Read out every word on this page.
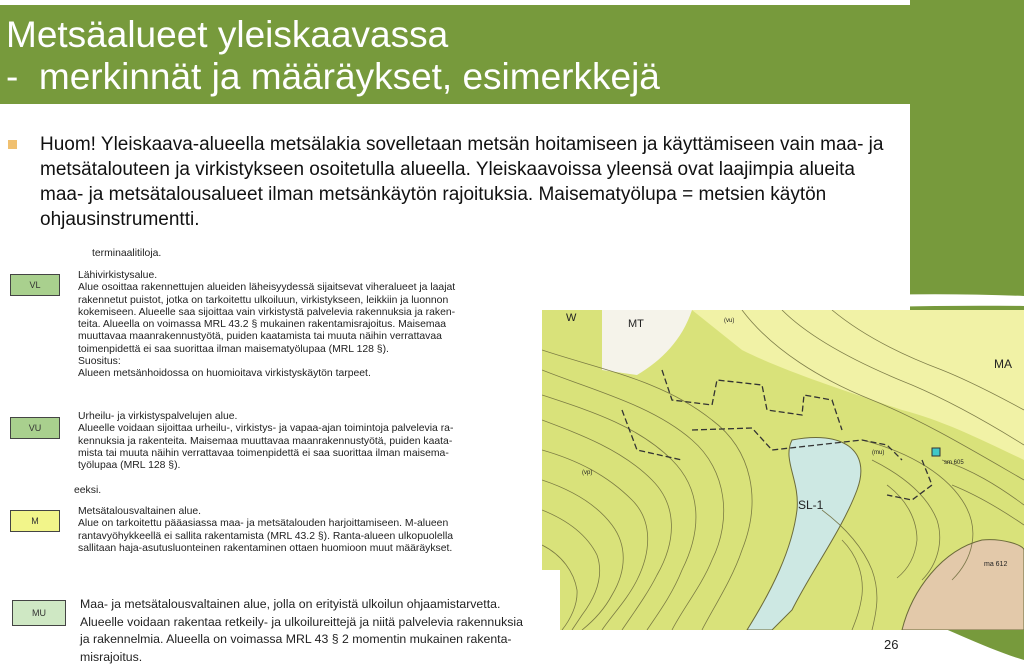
Metsäalueet yleiskaavassa
-  merkinnät ja määräykset, esimerkkejä

Huom! Yleiskaava-alueella metsälakia sovelletaan metsän hoitamiseen ja käyttämiseen vain maa- ja metsätalouteen ja virkistykseen osoitetulla alueella. Yleiskaavoissa yleensä ovat laajimpia alueita maa- ja metsätalousalueet ilman metsänkäytön rajoituksia. Maisematyölupa = metsien käytön ohjausinstrumentti.

W	MT
MA
SL-1
ma 612
sm 605
(vu)
(vp)
(mu)

terminaalitiloja.

VL
Lähivirkistysalue.
Alue osoittaa rakennettujen alueiden läheisyydessä sijaitsevat viheralueet ja laajat
rakennetut puistot, jotka on tarkoitettu ulkoiluun, virkistykseen, leikkiin ja luonnon
kokemiseen. Alueelle saa sijoittaa vain virkistystä palvelevia rakennuksia ja raken-
teita. Alueella on voimassa MRL 43.2 § mukainen rakentamisrajoitus. Maisemaa
muuttavaa maanrakennustyötä, puiden kaatamista tai muuta näihin verrattavaa
toimenpidettä ei saa suorittaa ilman maisematyölupaa (MRL 128 §).
Suositus:
Alueen metsänhoidossa on huomioitava virkistyskäytön tarpeet.
VU
Urheilu- ja virkistyspalvelujen alue.
Alueelle voidaan sijoittaa urheilu-, virkistys- ja vapaa-ajan toimintoja palvelevia ra-
kennuksia ja rakenteita. Maisemaa muuttavaa maanrakennustyötä, puiden kaata-
mista tai muuta näihin verrattavaa toimenpidettä ei saa suorittaa ilman maisema-
työlupaa (MRL 128 §).

eeksi.

M
Metsätalousvaltainen alue.
Alue on tarkoitettu pääasiassa maa- ja metsätalouden harjoittamiseen. M-alueen
rantavyöhykkeellä ei sallita rakentamista (MRL 43.2 §). Ranta-alueen ulkopuolella
sallitaan haja-asutusluonteinen rakentaminen ottaen huomioon muut määräykset.
MU
Maa- ja metsätalousvaltainen alue, jolla on erityistä ulkoilun ohjaamistarvetta.
Alueelle voidaan rakentaa retkeily- ja ulkoilureittejä ja niitä palvelevia rakennuksia
ja rakennelmia. Alueella on voimassa MRL 43 § 2 momentin mukainen rakenta-
misrajoitus.
26
